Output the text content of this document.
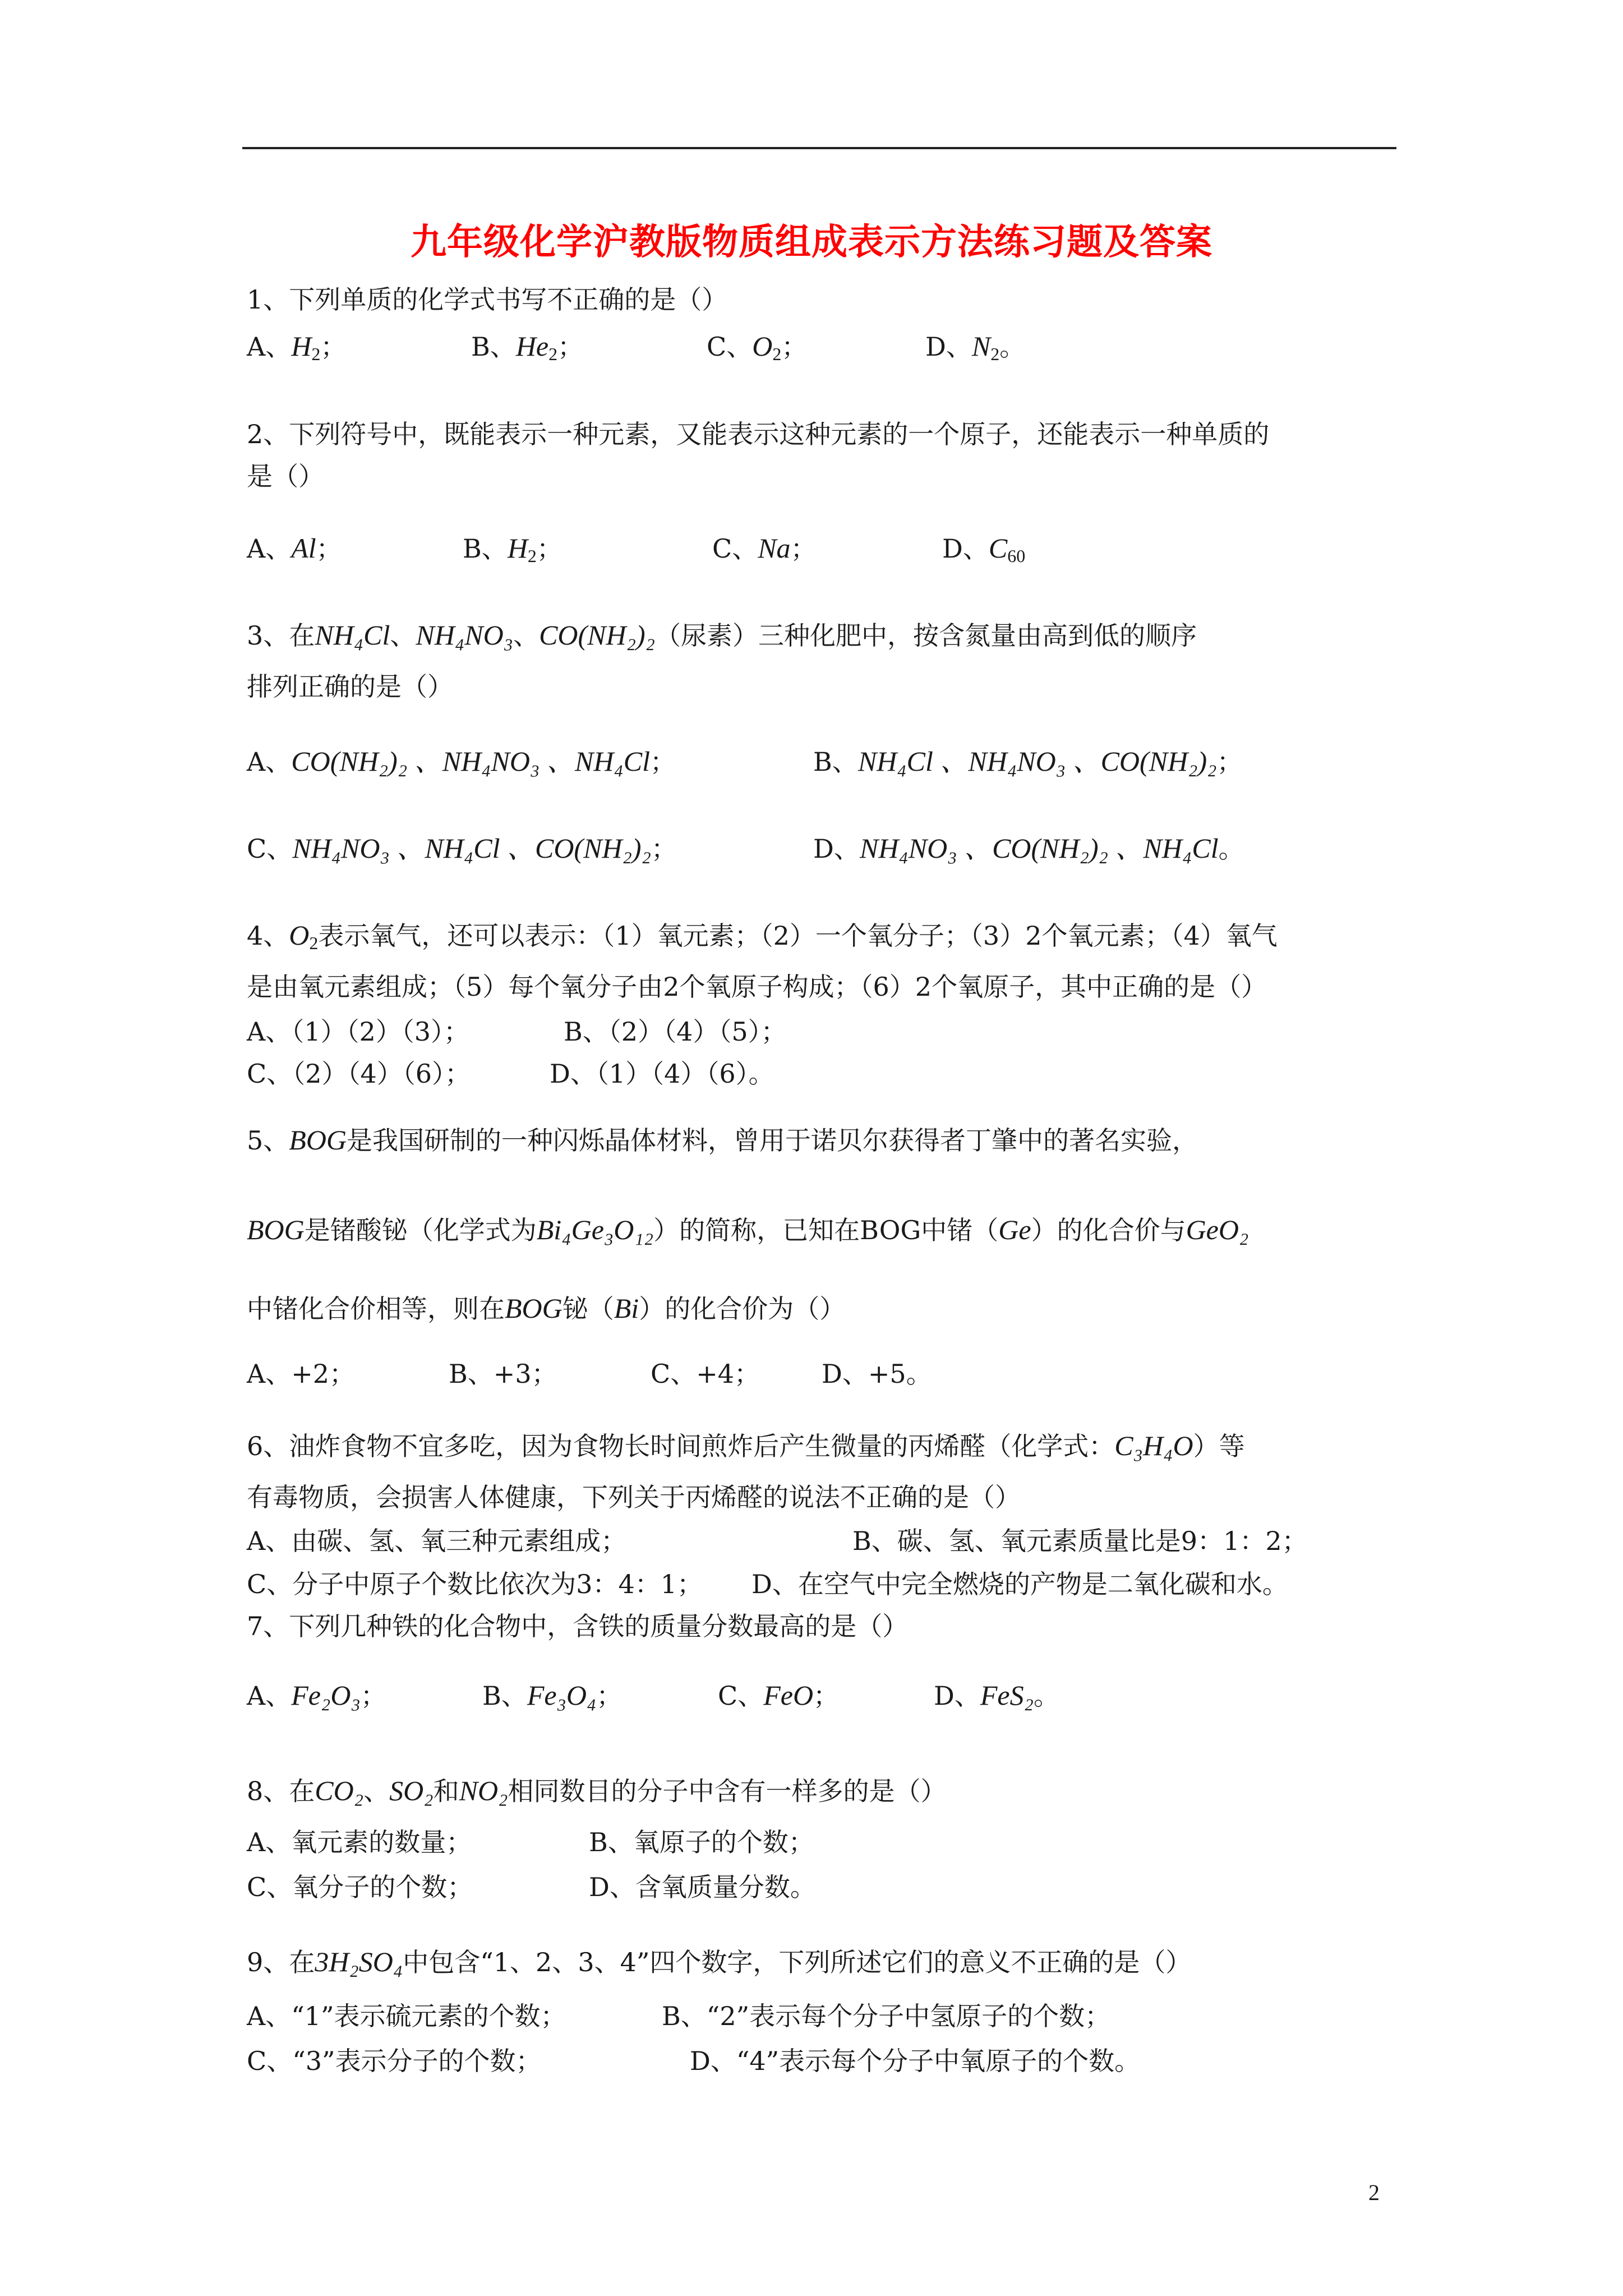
九年级化学沪教版物质组成表示方法练习题及答案
1、下列单质的化学式书写不正确的是（）
A、$H_2$；	B、$He_2$；	C、$O_2$；	D、$N_2$。
2、下列符号中，既能表示一种元素，又能表示这种元素的一个原子，还能表示一种单质的
是（）
A、Al；	B、$H_2$；	C、Na；	D、$C_{60}$
3、在NH₄Cl、NH₄NO₃、CO(NH₂)₂（尿素）三种化肥中，按含氮量由高到低的顺序
排列正确的是（）
A、CO(NH₂)₂ 、NH₄NO₃ 、NH₄Cl；	B、NH₄Cl 、NH₄NO₃ 、CO(NH₂)₂；
C、NH₄NO₃ 、NH₄Cl 、CO(NH₂)₂；	D、NH₄NO₃ 、CO(NH₂)₂ 、NH₄Cl。
4、$O_2$表示氧气，还可以表示：（1）氧元素；（2）一个氧分子；（3）2个氧元素；（4）氧气
是由氧元素组成；（5）每个氧分子由2个氧原子构成；（6）2个氧原子，其中正确的是（）
A、（1）（2）（3）；	B、（2）（4）（5）；
C、（2）（4）（6）；	D、（1）（4）（6）。
5、BOG是我国研制的一种闪烁晶体材料，曾用于诺贝尔获得者丁肇中的著名实验，
BOG是锗酸铋（化学式为Bi₄Ge₃O₁₂）的简称，已知在BOG中锗（Ge）的化合价与GeO₂
中锗化合价相等，则在BOG铋（Bi）的化合价为（）
A、+2；	B、+3；	C、+4； D、+5。
6、油炸食物不宜多吃，因为食物长时间煎炸后产生微量的丙烯醛（化学式：C₃H₄O）等
有毒物质，会损害人体健康，下列关于丙烯醛的说法不正确的是（）
A、由碳、氢、氧三种元素组成；	B、碳、氢、氧元素质量比是9：1：2；
C、分子中原子个数比依次为3：4：1； D、在空气中完全燃烧的产物是二氧化碳和水。
7、下列几种铁的化合物中，含铁的质量分数最高的是（）
A、Fe₂O₃；	B、Fe₃O₄；	C、FeO；	D、FeS₂。
8、在CO₂、SO₂和NO₂相同数目的分子中含有一样多的是（）
A、氧元素的数量；	B、氧原子的个数；
C、氧分子的个数；	D、含氧质量分数。
9、在3H₂SO₄中包含“1、2、3、4”四个数字，下列所述它们的意义不正确的是（）
A、“1”表示硫元素的个数；	B、“2”表示每个分子中氢原子的个数；
C、“3”表示分子的个数；	D、“4”表示每个分子中氧原子的个数。
2
